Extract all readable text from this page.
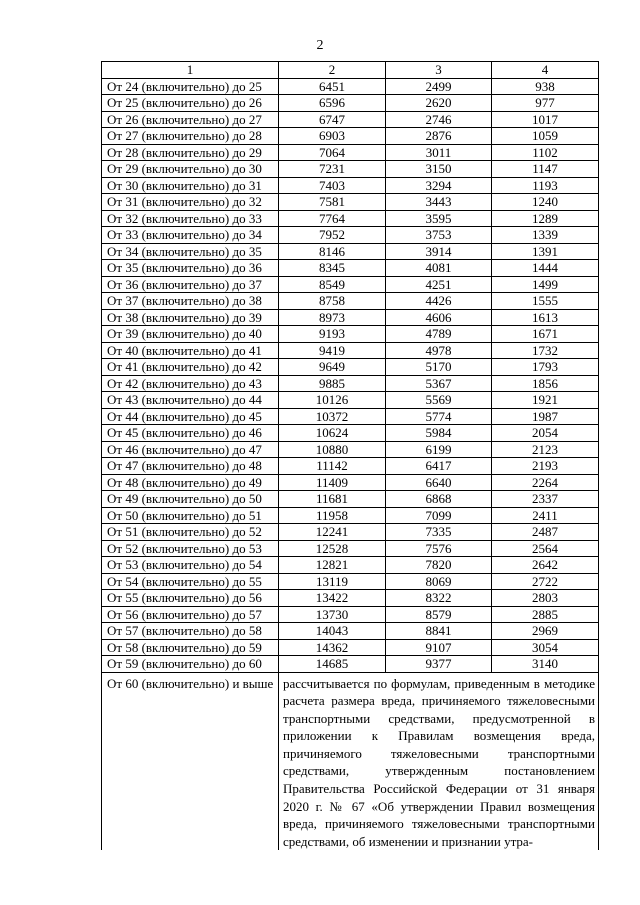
2
1	2	3	4
От 24 (включительно) до 25	6451	2499	938
От 25 (включительно) до 26	6596	2620	977
От 26 (включительно) до 27	6747	2746	1017
От 27 (включительно) до 28	6903	2876	1059
От 28 (включительно) до 29	7064	3011	1102
От 29 (включительно) до 30	7231	3150	1147
От 30 (включительно) до 31	7403	3294	1193
От 31 (включительно) до 32	7581	3443	1240
От 32 (включительно) до 33	7764	3595	1289
От 33 (включительно) до 34	7952	3753	1339
От 34 (включительно) до 35	8146	3914	1391
От 35 (включительно) до 36	8345	4081	1444
От 36 (включительно) до 37	8549	4251	1499
От 37 (включительно) до 38	8758	4426	1555
От 38 (включительно) до 39	8973	4606	1613
От 39 (включительно) до 40	9193	4789	1671
От 40 (включительно) до 41	9419	4978	1732
От 41 (включительно) до 42	9649	5170	1793
От 42 (включительно) до 43	9885	5367	1856
От 43 (включительно) до 44	10126	5569	1921
От 44 (включительно) до 45	10372	5774	1987
От 45 (включительно) до 46	10624	5984	2054
От 46 (включительно) до 47	10880	6199	2123
От 47 (включительно) до 48	11142	6417	2193
От 48 (включительно) до 49	11409	6640	2264
От 49 (включительно) до 50	11681	6868	2337
От 50 (включительно) до 51	11958	7099	2411
От 51 (включительно) до 52	12241	7335	2487
От 52 (включительно) до 53	12528	7576	2564
От 53 (включительно) до 54	12821	7820	2642
От 54 (включительно) до 55	13119	8069	2722
От 55 (включительно) до 56	13422	8322	2803
От 56 (включительно) до 57	13730	8579	2885
От 57 (включительно) до 58	14043	8841	2969
От 58 (включительно) до 59	14362	9107	3054
От 59 (включительно) до 60	14685	9377	3140
От 60 (включительно) и выше	рассчитывается по формулам, приведенным в методике расчета размера вреда, причиняемого тяжеловесными транспортными средствами, предусмотренной в приложении к Правилам возмещения вреда, причиняемого тяжеловесными транспортными средствами, утвержденным постановлением Правительства Российской Федерации от 31 января 2020 г. № 67 «Об утверждении Правил возмещения вреда, причиняемого тяжеловесными транспортными средствами, об изменении и признании утра-		
